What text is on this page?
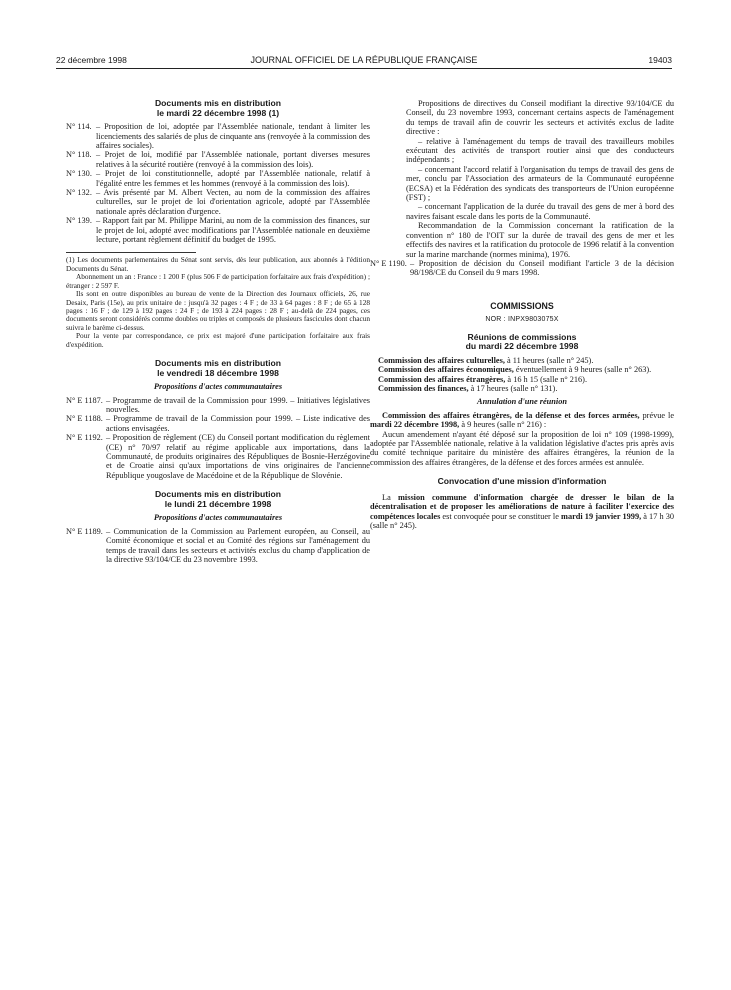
22 décembre 1998	JOURNAL OFFICIEL DE LA RÉPUBLIQUE FRANÇAISE	19403

Documents mis en distribution
le mardi 22 décembre 1998 (1)

N° 114. – Proposition de loi, adoptée par l'Assemblée nationale, tendant à limiter les licenciements des salariés de plus de cinquante ans (renvoyée à la commission des affaires sociales).

N° 118. – Projet de loi, modifié par l'Assemblée nationale, portant diverses mesures relatives à la sécurité routière (renvoyé à la commission des lois).

N° 130. – Projet de loi constitutionnelle, adopté par l'Assemblée nationale, relatif à l'égalité entre les femmes et les hommes (renvoyé à la commission des lois).

N° 132. – Avis présenté par M. Albert Vecten, au nom de la commission des affaires culturelles, sur le projet de loi d'orientation agricole, adopté par l'Assemblée nationale après déclaration d'urgence.

N° 139. – Rapport fait par M. Philippe Marini, au nom de la commission des finances, sur le projet de loi, adopté avec modifications par l'Assemblée nationale en deuxième lecture, portant règlement définitif du budget de 1995.

(1) Les documents parlementaires du Sénat sont servis, dès leur publication, aux abonnés à l'édition Documents du Sénat.

Abonnement un an : France : 1 200 F (plus 506 F de participation forfaitaire aux frais d'expédition) ; étranger : 2 597 F.

Ils sont en outre disponibles au bureau de vente de la Direction des Journaux officiels, 26, rue Desaix, Paris (15e), au prix unitaire de : jusqu'à 32 pages : 4 F ; de 33 à 64 pages : 8 F ; de 65 à 128 pages : 16 F ; de 129 à 192 pages : 24 F ; de 193 à 224 pages : 28 F ; au-delà de 224 pages, ces documents seront considérés comme doubles ou triples et composés de plusieurs fascicules dont chacun suivra le barème ci-dessus.

Pour la vente par correspondance, ce prix est majoré d'une participation forfaitaire aux frais d'expédition.

Documents mis en distribution
le vendredi 18 décembre 1998

Propositions d'actes communautaires

N° E 1187. – Programme de travail de la Commission pour 1999. – Initiatives législatives nouvelles.

N° E 1188. – Programme de travail de la Commission pour 1999. – Liste indicative des actions envisagées.

N° E 1192. – Proposition de règlement (CE) du Conseil portant modification du règlement (CE) n° 70/97 relatif au régime applicable aux importations, dans la Communauté, de produits originaires des Républiques de Bosnie-Herzégovine et de Croatie ainsi qu'aux importations de vins originaires de l'ancienne République yougoslave de Macédoine et de la République de Slovénie.

Documents mis en distribution
le lundi 21 décembre 1998

Propositions d'actes communautaires

N° E 1189. – Communication de la Commission au Parlement européen, au Conseil, au Comité économique et social et au Comité des régions sur l'aménagement du temps de travail dans les secteurs et activités exclus du champ d'application de la directive 93/104/CE du 23 novembre 1993.

Propositions de directives du Conseil modifiant la directive 93/104/CE du Conseil, du 23 novembre 1993, concernant certains aspects de l'aménagement du temps de travail afin de couvrir les secteurs et activités exclus de ladite directive :

– relative à l'aménagement du temps de travail des travailleurs mobiles exécutant des activités de transport routier ainsi que des conducteurs indépendants ;

– concernant l'accord relatif à l'organisation du temps de travail des gens de mer, conclu par l'Association des armateurs de la Communauté européenne (ECSA) et la Fédération des syndicats des transporteurs de l'Union européenne (FST) ;

– concernant l'application de la durée du travail des gens de mer à bord des navires faisant escale dans les ports de la Communauté.

Recommandation de la Commission concernant la ratification de la convention n° 180 de l'OIT sur la durée de travail des gens de mer et les effectifs des navires et la ratification du protocole de 1996 relatif à la convention sur la marine marchande (normes minima), 1976.

N° E 1190. – Proposition de décision du Conseil modifiant l'article 3 de la décision 98/198/CE du Conseil du 9 mars 1998.

COMMISSIONS

NOR : INPX9803075X

Réunions de commissions
du mardi 22 décembre 1998

Commission des affaires culturelles, à 11 heures (salle n° 245).

Commission des affaires économiques, éventuellement à 9 heures (salle n° 263).

Commission des affaires étrangères, à 16 h 15 (salle n° 216).

Commission des finances, à 17 heures (salle n° 131).

Annulation d'une réunion

Commission des affaires étrangères, de la défense et des forces armées, prévue le mardi 22 décembre 1998, à 9 heures (salle n° 216) :

Aucun amendement n'ayant été déposé sur la proposition de loi n° 109 (1998-1999), adoptée par l'Assemblée nationale, relative à la validation législative d'actes pris après avis du comité technique paritaire du ministère des affaires étrangères, la réunion de la commission des affaires étrangères, de la défense et des forces armées est annulée.

Convocation d'une mission d'information

La mission commune d'information chargée de dresser le bilan de la décentralisation et de proposer les améliorations de nature à faciliter l'exercice des compétences locales est convoquée pour se constituer le mardi 19 janvier 1999, à 17 h 30 (salle n° 245).
